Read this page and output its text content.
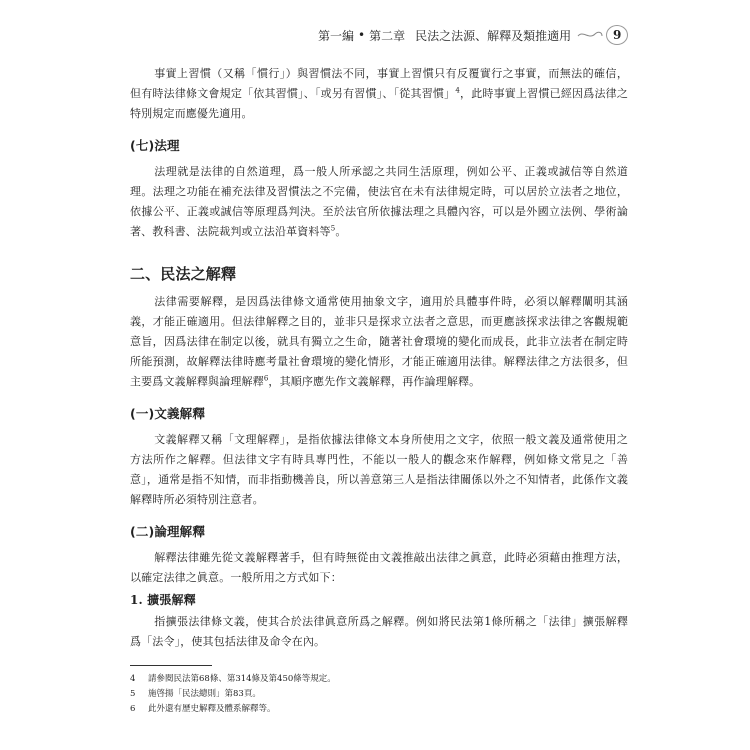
第一編 • 第二章 民法之法源、解釋及類推適用	9

事實上習慣（又稱「慣行」）與習慣法不同，事實上習慣只有反覆實行之事實，而無法的確信，但有時法律條文會規定「依其習慣」、「或另有習慣」、「從其習慣」$^4$，此時事實上習慣已經因爲法律之特別規定而應優先適用。

(七)法理

法理就是法律的自然道理，爲一般人所承認之共同生活原理，例如公平、正義或誠信等自然道理。法理之功能在補充法律及習慣法之不完備，使法官在未有法律規定時，可以居於立法者之地位，依據公平、正義或誠信等原理爲判決。至於法官所依據法理之具體內容，可以是外國立法例、學術論著、教科書、法院裁判或立法沿革資料等$^5$。

二、民法之解釋

法律需要解釋，是因爲法律條文通常使用抽象文字，適用於具體事件時，必須以解釋闡明其涵義，才能正確適用。但法律解釋之目的，並非只是探求立法者之意思，而更應該探求法律之客觀規範意旨，因爲法律在制定以後，就具有獨立之生命，隨著社會環境的變化而成長，此非立法者在制定時所能預測，故解釋法律時應考量社會環境的變化情形，才能正確適用法律。解釋法律之方法很多，但主要爲文義解釋與論理解釋$^6$，其順序應先作文義解釋，再作論理解釋。

(一)文義解釋

文義解釋又稱「文理解釋」，是指依據法律條文本身所使用之文字，依照一般文義及通常使用之方法所作之解釋。但法律文字有時具專門性，不能以一般人的觀念來作解釋，例如條文常見之「善意」，通常是指不知情，而非指動機善良，所以善意第三人是指法律關係以外之不知情者，此係作文義解釋時所必須特別注意者。

(二)論理解釋

解釋法律雖先從文義解釋著手，但有時無從由文義推敲出法律之眞意，此時必須藉由推理方法，以確定法律之眞意。一般所用之方式如下：

1. 擴張解釋

指擴張法律條文義，使其合於法律眞意所爲之解釋。例如將民法第1條所稱之「法律」擴張解釋爲「法令」，使其包括法律及命令在內。

4	請參閱民法第68條、第314條及第450條等規定。
5	施啓揚「民法總則」第83頁。
6	此外還有歷史解釋及體系解釋等。
